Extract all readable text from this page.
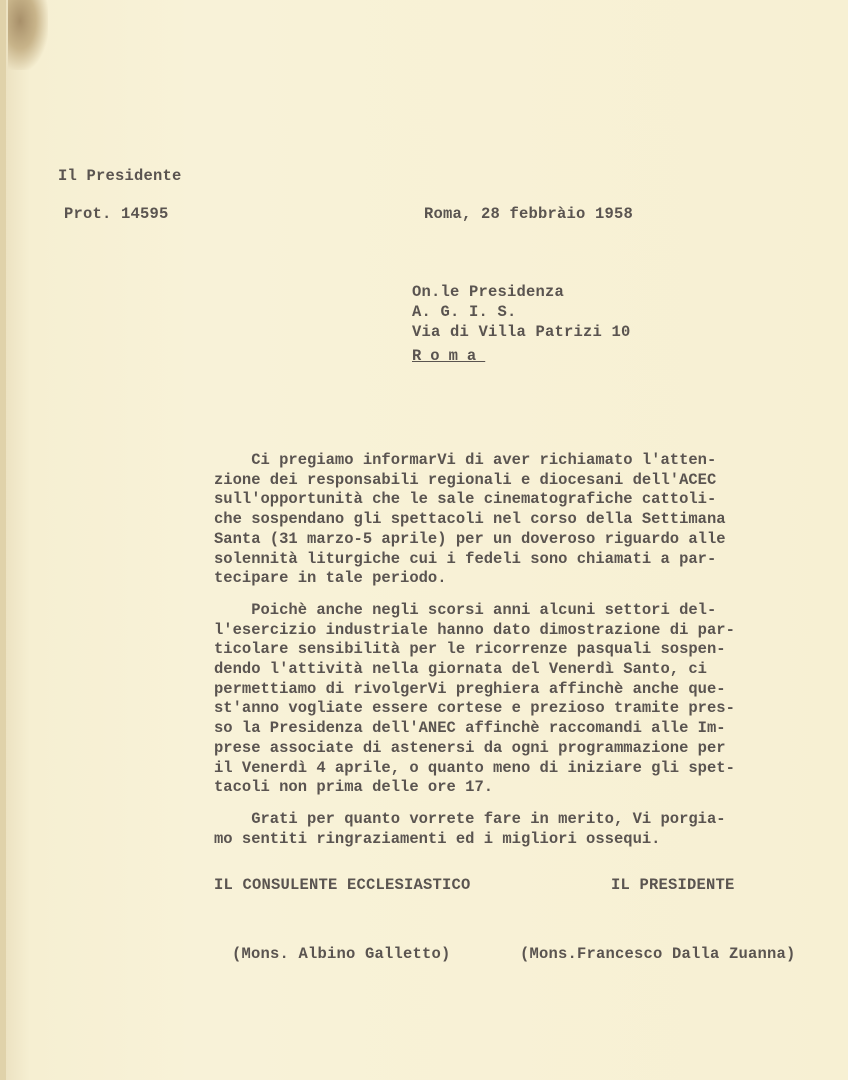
Il Presidente
Prot. 14595	Roma, 28 febbràio 1958
On.le Presidenza
A. G. I. S.
Via di Villa Patrizi 10
Roma

Ci pregiamo informarVi di aver richiamato l'atten-
zione dei responsabili regionali e diocesani dell'ACEC
sull'opportunità che le sale cinematografiche cattoli-
che sospendano gli spettacoli nel corso della Settimana
Santa (31 marzo-5 aprile) per un doveroso riguardo alle
solennità liturgiche cui i fedeli sono chiamati a par-
tecipare in tale periodo.

Poichè anche negli scorsi anni alcuni settori del-
l'esercizio industriale hanno dato dimostrazione di par-
ticolare sensibilità per le ricorrenze pasquali sospen-
dendo l'attività nella giornata del Venerdì Santo, ci
permettiamo di rivolgerVi preghiera affinchè anche que-
st'anno vogliate essere cortese e prezioso tramite pres-
so la Presidenza dell'ANEC affinchè raccomandi alle Im-
prese associate di astenersi da ogni programmazione per
il Venerdì 4 aprile, o quanto meno di iniziare gli spet-
tacoli non prima delle ore 17.

Grati per quanto vorrete fare in merito, Vi porgia-
mo sentiti ringraziamenti ed i migliori ossequi.

IL CONSULENTE ECCLESIASTICO	IL PRESIDENTE
(Mons. Albino Galletto)	(Mons.Francesco Dalla Zuanna)
